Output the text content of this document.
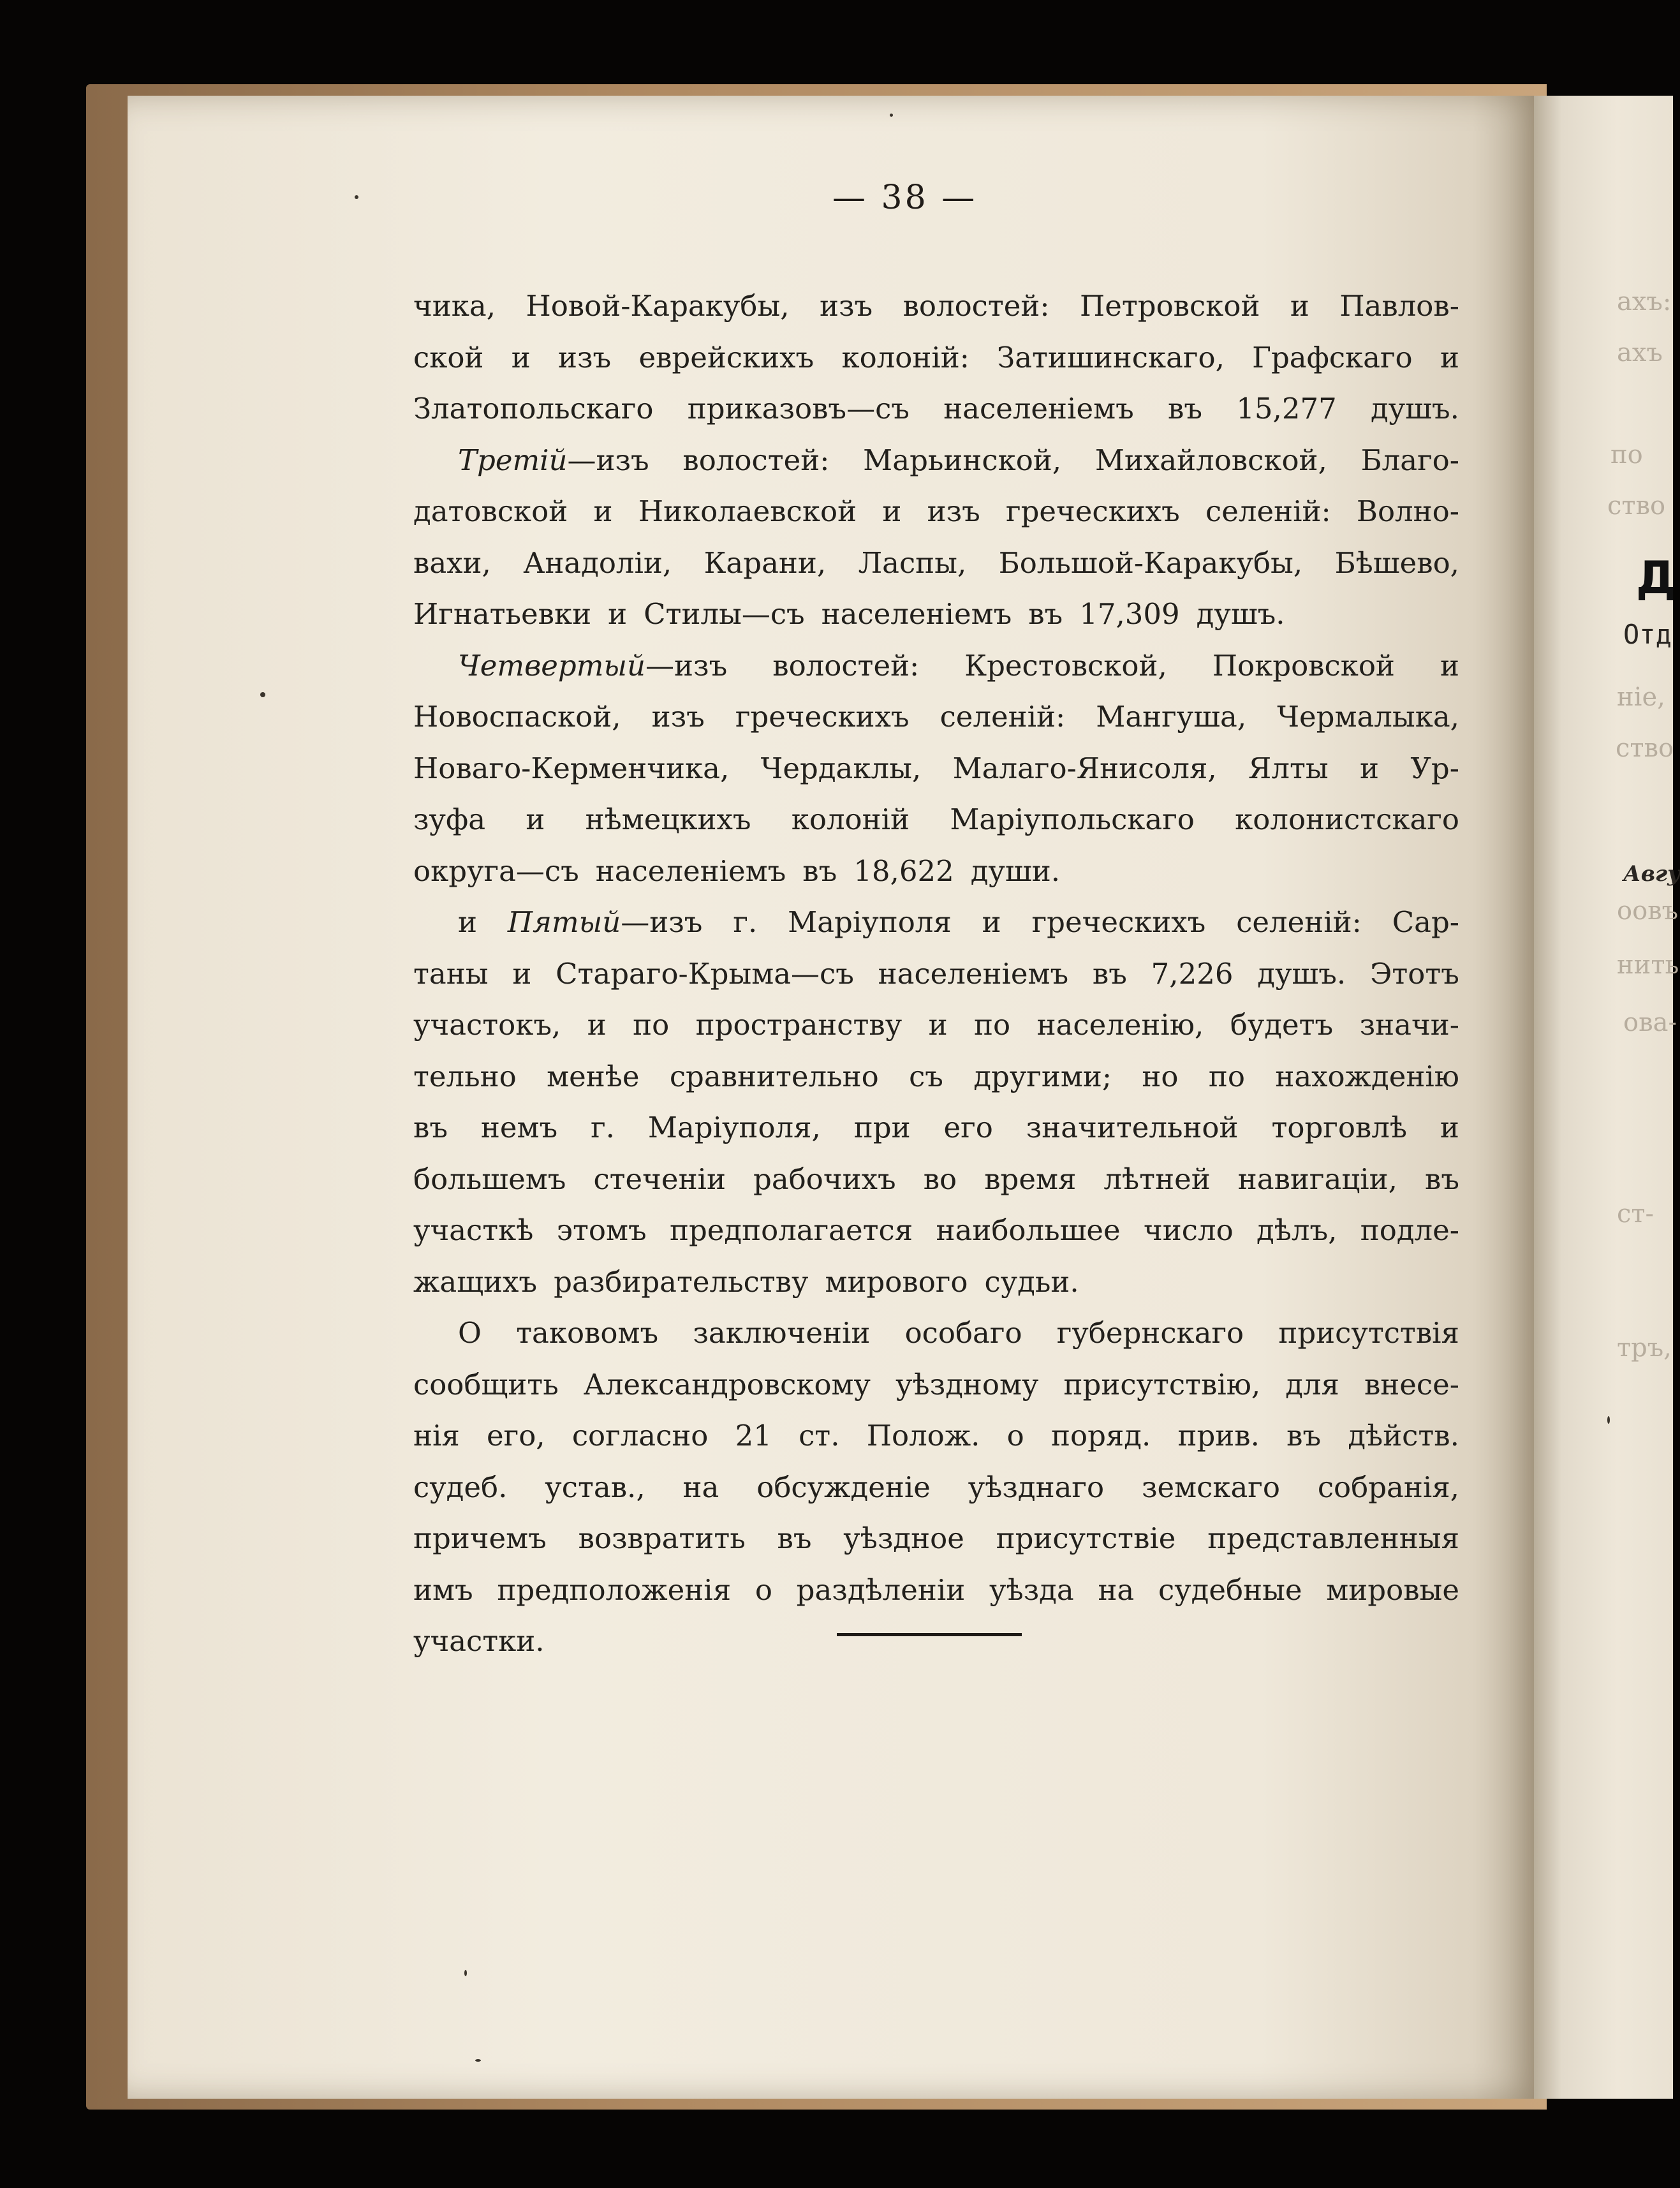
ахъ:
ахъ
по
ство
Д
Отд
ніе,
ство
Авгу
оовъ
нить
ова-
ст-
тръ,
— 38 —
чика, Новой-Каракубы, изъ волостей: Петровской и Павлов-
ской и изъ еврейскихъ колоній: Затишинскаго, Графскаго и
Златопольскаго приказовъ—съ населеніемъ въ 15,277 душъ.
Третій—изъ волостей: Марьинской, Михайловской, Благо-
датовской и Николаевской и изъ греческихъ селеній: Волно-
вахи, Анадоліи, Карани, Ласпы, Большой-Каракубы, Бѣшево,
Игнатьевки и Стилы—съ населеніемъ въ 17,309 душъ.
Четвертый—изъ волостей: Крестовской, Покровской и
Новоспаской, изъ греческихъ селеній: Мангуша, Чермалыка,
Новаго-Керменчика, Чердаклы, Малаго-Янисоля, Ялты и Ур-
зуфа и нѣмецкихъ колоній Маріупольскаго колонистскаго
округа—съ населеніемъ въ 18,622 души.
и Пятый—изъ г. Маріуполя и греческихъ селеній: Сар-
таны и Стараго-Крыма—съ населеніемъ въ 7,226 душъ. Этотъ
участокъ, и по пространству и по населенію, будетъ значи-
тельно менѣе сравнительно съ другими; но по нахожденію
въ немъ г. Маріуполя, при его значительной торговлѣ и
большемъ стеченіи рабочихъ во время лѣтней навигаціи, въ
участкѣ этомъ предполагается наибольшее число дѣлъ, подле-
жащихъ разбирательству мирового судьи.
О таковомъ заключеніи особаго губернскаго присутствія
сообщить Александровскому уѣздному присутствію, для внесе-
нія его, согласно 21 ст. Полож. о поряд. прив. въ дѣйств.
судеб. устав., на обсужденіе уѣзднаго земскаго собранія,
причемъ возвратить въ уѣздное присутствіе представленныя
имъ предположенія о раздѣленіи уѣзда на судебные мировые
участки.
